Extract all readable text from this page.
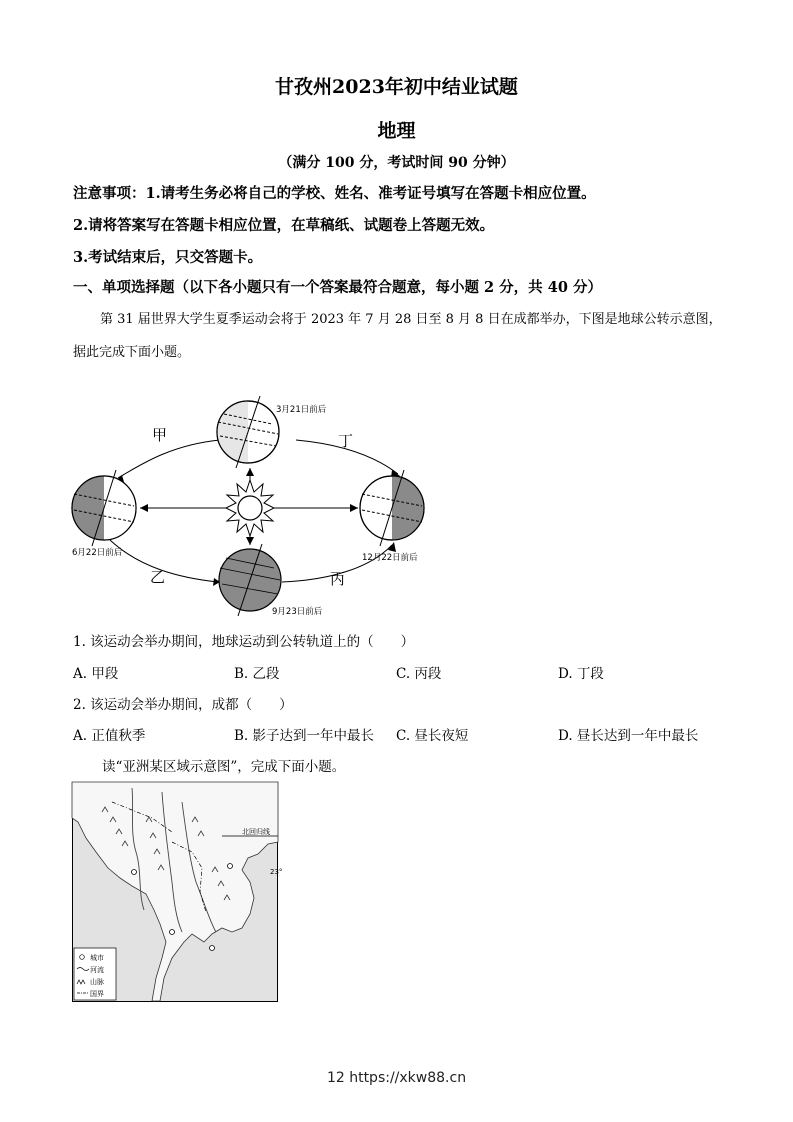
甘孜州2023年初中结业试题
地理
（满分 100 分，考试时间 90 分钟）
注意事项：1.请考生务必将自己的学校、姓名、准考证号填写在答题卡相应位置。
2.请将答案写在答题卡相应位置，在草稿纸、试题卷上答题无效。
3.考试结束后，只交答题卡。
一、单项选择题（以下各小题只有一个答案最符合题意，每小题 2 分，共 40 分）
第 31 届世界大学生夏季运动会将于 2023 年 7 月 28 日至 8 月 8 日在成都举办，下图是地球公转示意图，
据此完成下面小题。
甲
乙	丙
丁
3月21日前后
6月22日前后
9月23日前后
12月22日前后
1. 该运动会举办期间，地球运动到公转轨道上的（　　）
A. 甲段	B. 乙段	C. 丙段	D. 丁段
2. 该运动会举办期间，成都（　　）
A. 正值秋季	B. 影子达到一年中最长 C. 昼长夜短	D. 昼长达到一年中最长
读“亚洲某区域示意图”，完成下面小题。
北回归线
23°
城市
河流
山脉
国界
12 https://xkw88.cn
